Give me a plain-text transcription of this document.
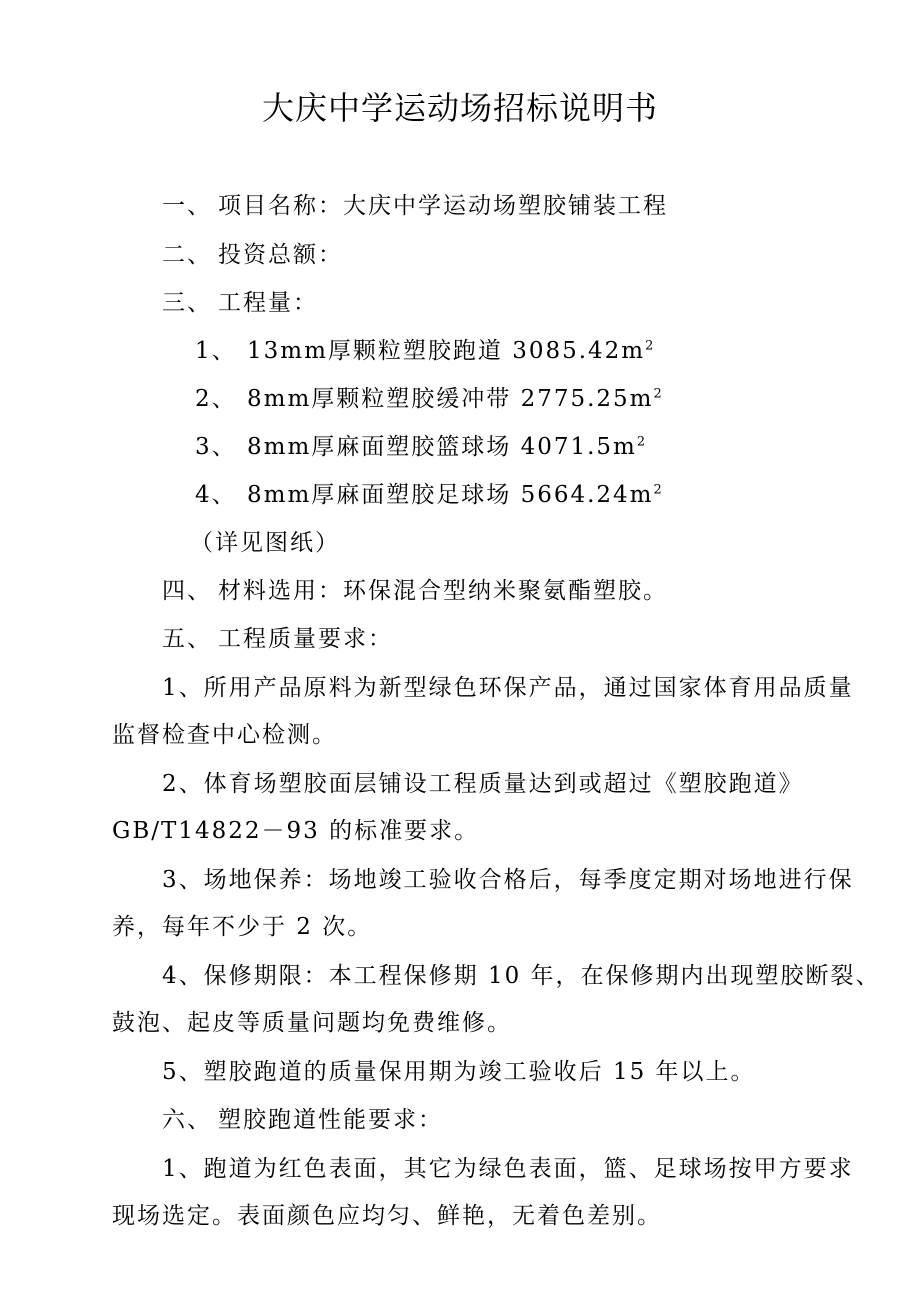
大庆中学运动场招标说明书
一、 项目名称：大庆中学运动场塑胶铺装工程
二、 投资总额：
三、 工程量：
1、 13mm厚颗粒塑胶跑道 $3085.42m^2$
2、 8mm厚颗粒塑胶缓冲带 $2775.25m^2$
3、 8mm厚麻面塑胶篮球场 $4071.5m^2$
4、 8mm厚麻面塑胶足球场 $5664.24m^2$
（详见图纸）
四、 材料选用：环保混合型纳米聚氨酯塑胶。
五、 工程质量要求：
1、所用产品原料为新型绿色环保产品，通过国家体育用品质量
监督检查中心检测。
2、体育场塑胶面层铺设工程质量达到或超过《塑胶跑道》
GB/T14822－93 的标准要求。
3、场地保养：场地竣工验收合格后，每季度定期对场地进行保
养，每年不少于 2 次。
4、保修期限：本工程保修期 10 年，在保修期内出现塑胶断裂、
鼓泡、起皮等质量问题均免费维修。
5、塑胶跑道的质量保用期为竣工验收后 15 年以上。
六、 塑胶跑道性能要求：
1、跑道为红色表面，其它为绿色表面，篮、足球场按甲方要求
现场选定。表面颜色应均匀、鲜艳，无着色差别。
